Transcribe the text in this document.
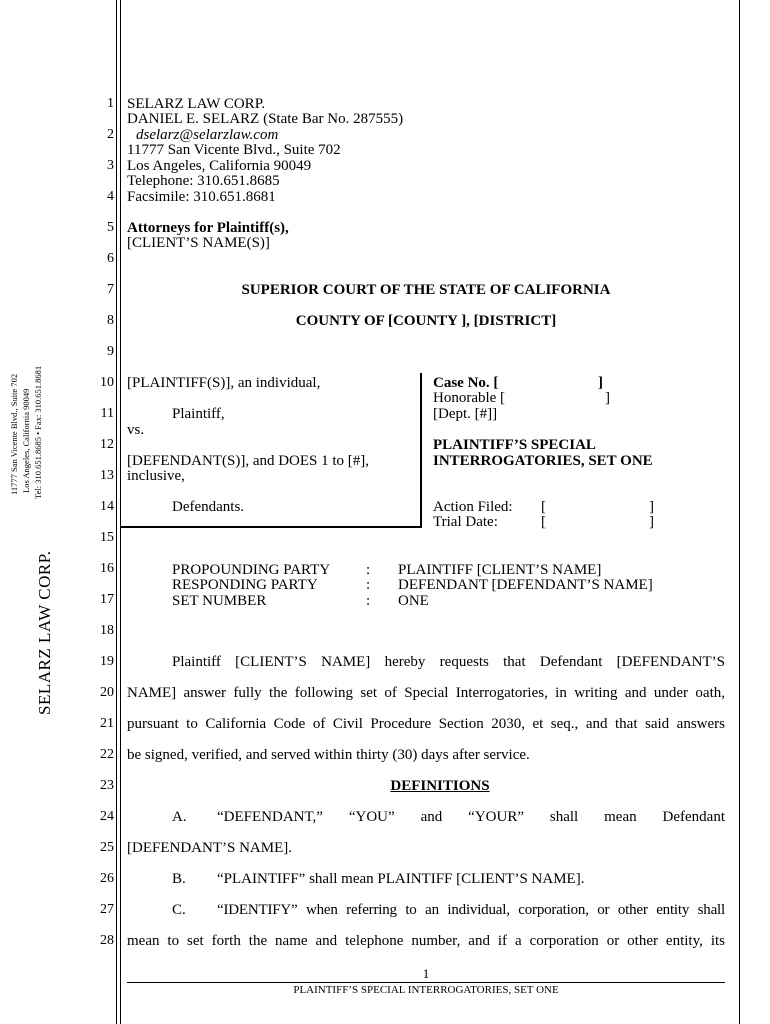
SELARZ LAW CORP.
11777 San Vicente Blvd., Suite 702 Los Angeles, California 90049 Tel: 310.651.8685 • Fax: 310.651.8681
1
2
3
4
5
6
7
8
9
10
11
12
13
14
15
16
17
18
19
20
21
22
23
24
25
26
27
28
SELARZ LAW CORP.
DANIEL E. SELARZ (State Bar No. 287555)
dselarz@selarzlaw.com
11777 San Vicente Blvd., Suite 702
Los Angeles, California 90049
Telephone: 310.651.8685
Facsimile: 310.651.8681
Attorneys for Plaintiff(s),
[CLIENT’S NAME(S)]
SUPERIOR COURT OF THE STATE OF CALIFORNIA
COUNTY OF [COUNTY ], [DISTRICT]
[PLAINTIFF(S)], an individual,
Plaintiff,
vs.
[DEFENDANT(S)], and DOES 1 to [#],
inclusive,
Defendants.
Case No. [	]
Honorable [	]
[Dept. [#]]
PLAINTIFF’S SPECIAL
INTERROGATORIES, SET ONE
Action Filed: [	]
Trial Date:	[	]
PROPOUNDING PARTY : PLAINTIFF [CLIENT’S NAME]
RESPONDING PARTY	: DEFENDANT [DEFENDANT’S NAME]
SET NUMBER	: ONE
Plaintiff [CLIENT’S NAME] hereby requests that Defendant [DEFENDANT’S
NAME] answer fully the following set of Special Interrogatories, in writing and under oath,
pursuant to California Code of Civil Procedure Section 2030, et seq., and that said answers
be signed, verified, and served within thirty (30) days after service.
DEFINITIONS
A. “DEFENDANT,” “YOU” and “YOUR” shall mean Defendant
[DEFENDANT’S NAME].
B. “PLAINTIFF” shall mean PLAINTIFF [CLIENT’S NAME].
C. “IDENTIFY” when referring to an individual, corporation, or other entity shall
mean to set forth the name and telephone number, and if a corporation or other entity, its
1
PLAINTIFF’S SPECIAL INTERROGATORIES, SET ONE
